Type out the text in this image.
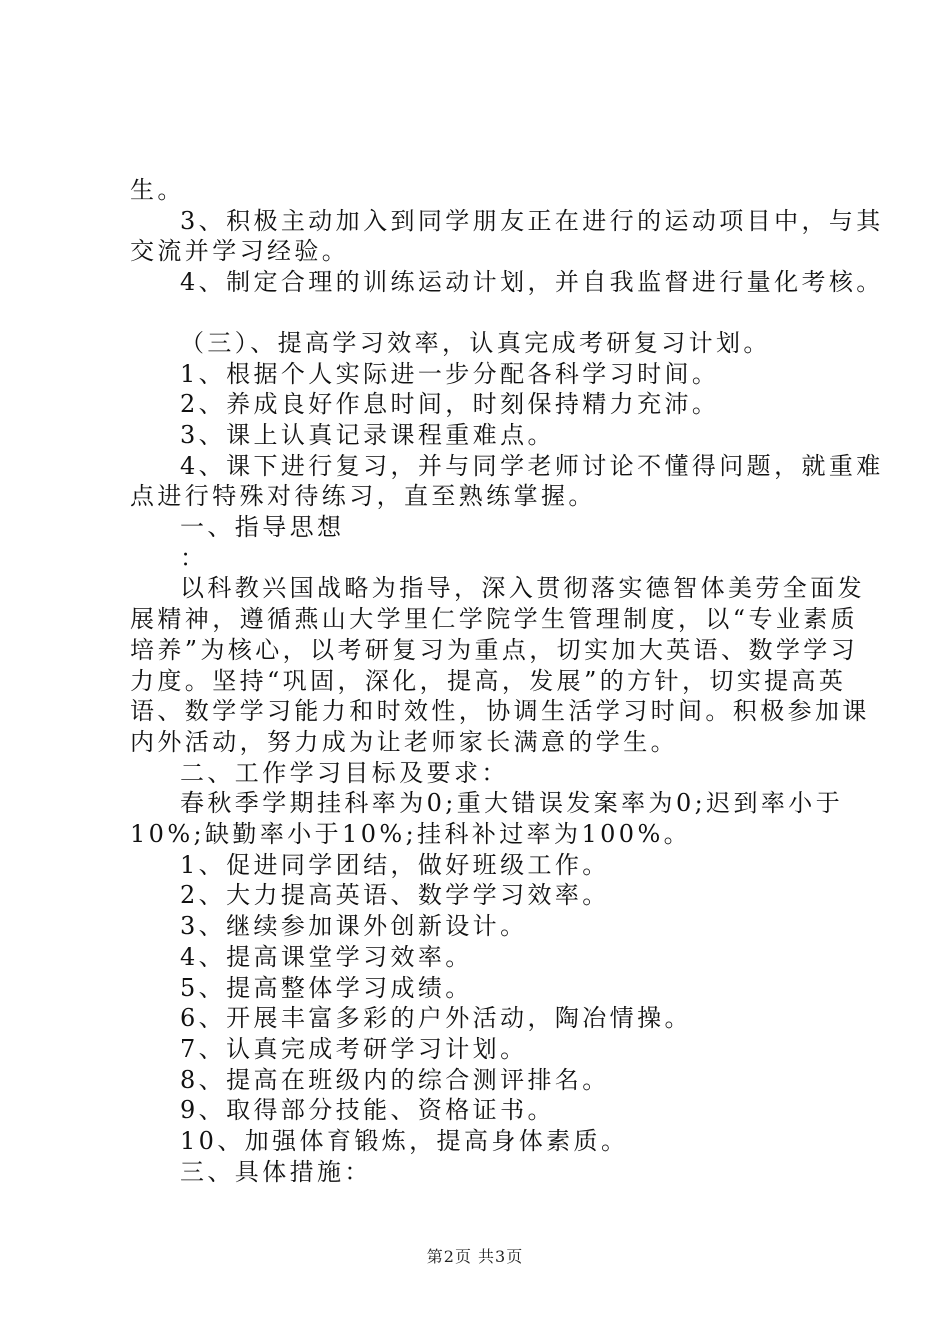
生。

3、积极主动加入到同学朋友正在进行的运动项目中，与其

交流并学习经验。

4、制定合理的训练运动计划，并自我监督进行量化考核。

（三）、提高学习效率，认真完成考研复习计划。

1、根据个人实际进一步分配各科学习时间。

2、养成良好作息时间，时刻保持精力充沛。

3、课上认真记录课程重难点。

4、课下进行复习，并与同学老师讨论不懂得问题，就重难

点进行特殊对待练习，直至熟练掌握。

一、指导思想

：

以科教兴国战略为指导，深入贯彻落实德智体美劳全面发

展精神，遵循燕山大学里仁学院学生管理制度，以“专业素质

培养”为核心，以考研复习为重点，切实加大英语、数学学习

力度。坚持“巩固，深化，提高，发展”的方针，切实提高英

语、数学学习能力和时效性，协调生活学习时间。积极参加课

内外活动，努力成为让老师家长满意的学生。

二、工作学习目标及要求：

春秋季学期挂科率为0;重大错误发案率为0;迟到率小于

10%;缺勤率小于10%;挂科补过率为100%。

1、促进同学团结，做好班级工作。

2、大力提高英语、数学学习效率。

3、继续参加课外创新设计。

4、提高课堂学习效率。

5、提高整体学习成绩。

6、开展丰富多彩的户外活动，陶冶情操。

7、认真完成考研学习计划。

8、提高在班级内的综合测评排名。

9、取得部分技能、资格证书。

10、加强体育锻炼，提高身体素质。

三、具体措施：

第2页 共3页
